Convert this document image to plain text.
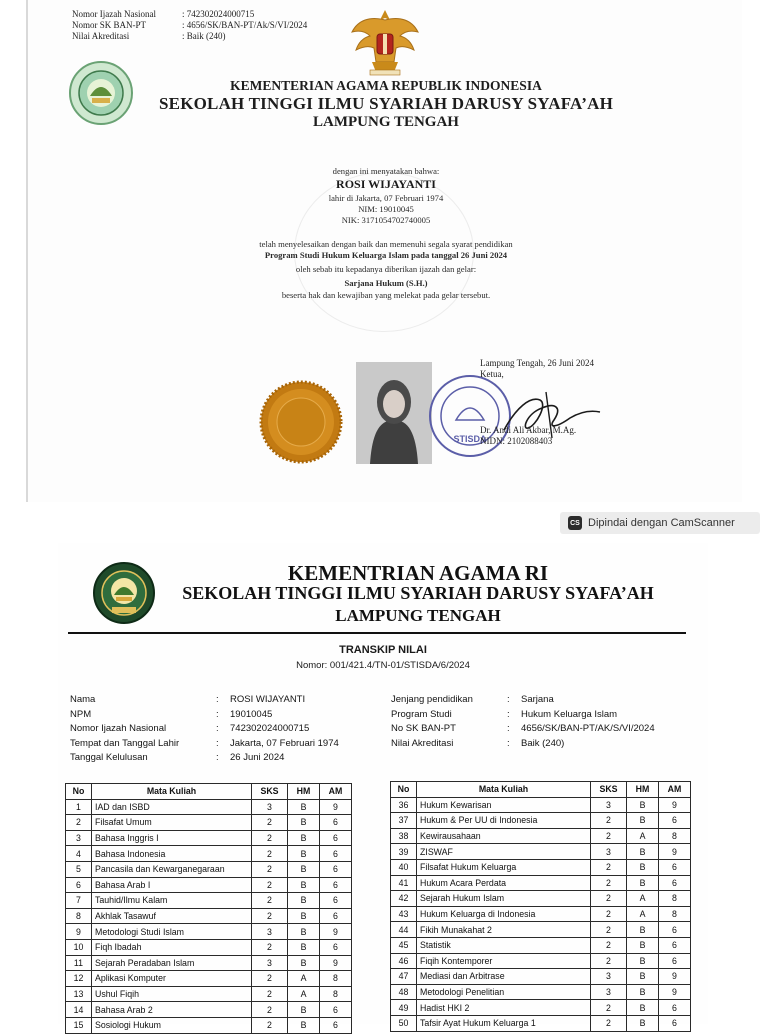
Nomor Ijazah Nasional	: 742302024000715
Nomor SK BAN-PT	: 4656/SK/BAN-PT/Ak/S/VI/2024
Nilai Akreditasi	: Baik (240)
KEMENTERIAN AGAMA REPUBLIK INDONESIA
SEKOLAH TINGGI ILMU SYARIAH DARUSY SYAFA’AH
LAMPUNG TENGAH
dengan ini menyatakan bahwa:
ROSI WIJAYANTI
lahir di Jakarta, 07 Februari 1974
NIM: 19010045
NIK: 3171054702740005
telah menyelesaikan dengan baik dan memenuhi segala syarat pendidikan
Program Studi Hukum Keluarga Islam pada tanggal 26 Juni 2024
oleh sebab itu kepadanya diberikan ijazah dan gelar:
Sarjana Hukum (S.H.)
beserta hak dan kewajiban yang melekat pada gelar tersebut.
STISDA
Lampung Tengah, 26 Juni 2024
Ketua,
Dr. Andi Ali Akbar, M.Ag.
NIDN: 2102088403
CS Dipindai dengan CamScanner
KEMENTRIAN AGAMA RI
SEKOLAH TINGGI ILMU SYARIAH DARUSY SYAFA’AH
LAMPUNG TENGAH
TRANSKIP NILAI
Nomor: 001/421.4/TN-01/STISDA/6/2024
Nama	:	ROSI WIJAYANTI
NPM	:	19010045
Nomor Ijazah Nasional	:	742302024000715
Tempat dan Tanggal Lahir	:	Jakarta, 07 Februari 1974
Tanggal Kelulusan	:	26 Juni 2024
Jenjang pendidikan	:	Sarjana
Program Studi	:	Hukum Keluarga Islam
No SK BAN-PT	:	4656/SK/BAN-PT/AK/S/VI/2024
Nilai Akreditasi	:	Baik (240)
No	Mata Kuliah	SKS	HM	AM
1	IAD dan ISBD	3	B	9
2	Filsafat Umum	2	B	6
3	Bahasa Inggris I	2	B	6
4	Bahasa Indonesia	2	B	6
5	Pancasila dan Kewarganegaraan	2	B	6
6	Bahasa Arab I	2	B	6
7	Tauhid/Ilmu Kalam	2	B	6
8	Akhlak Tasawuf	2	B	6
9	Metodologi Studi Islam	3	B	9
10	Fiqh Ibadah	2	B	6
11	Sejarah Peradaban Islam	3	B	9
12	Aplikasi Komputer	2	A	8
13	Ushul Fiqih	2	A	8
14	Bahasa Arab 2	2	B	6
15	Sosiologi Hukum	2	B	6
No	Mata Kuliah	SKS	HM	AM
36	Hukum Kewarisan	3	B	9
37	Hukum & Per UU di Indonesia	2	B	6
38	Kewirausahaan	2	A	8
39	ZISWAF	3	B	9
40	Filsafat Hukum Keluarga	2	B	6
41	Hukum Acara Perdata	2	B	6
42	Sejarah Hukum Islam	2	A	8
43	Hukum Keluarga di Indonesia	2	A	8
44	Fikih Munakahat 2	2	B	6
45	Statistik	2	B	6
46	Fiqih Kontemporer	2	B	6
47	Mediasi dan Arbitrase	3	B	9
48	Metodologi Penelitian	3	B	9
49	Hadist HKI 2	2	B	6
50	Tafsir Ayat Hukum Keluarga 1	2	B	6
